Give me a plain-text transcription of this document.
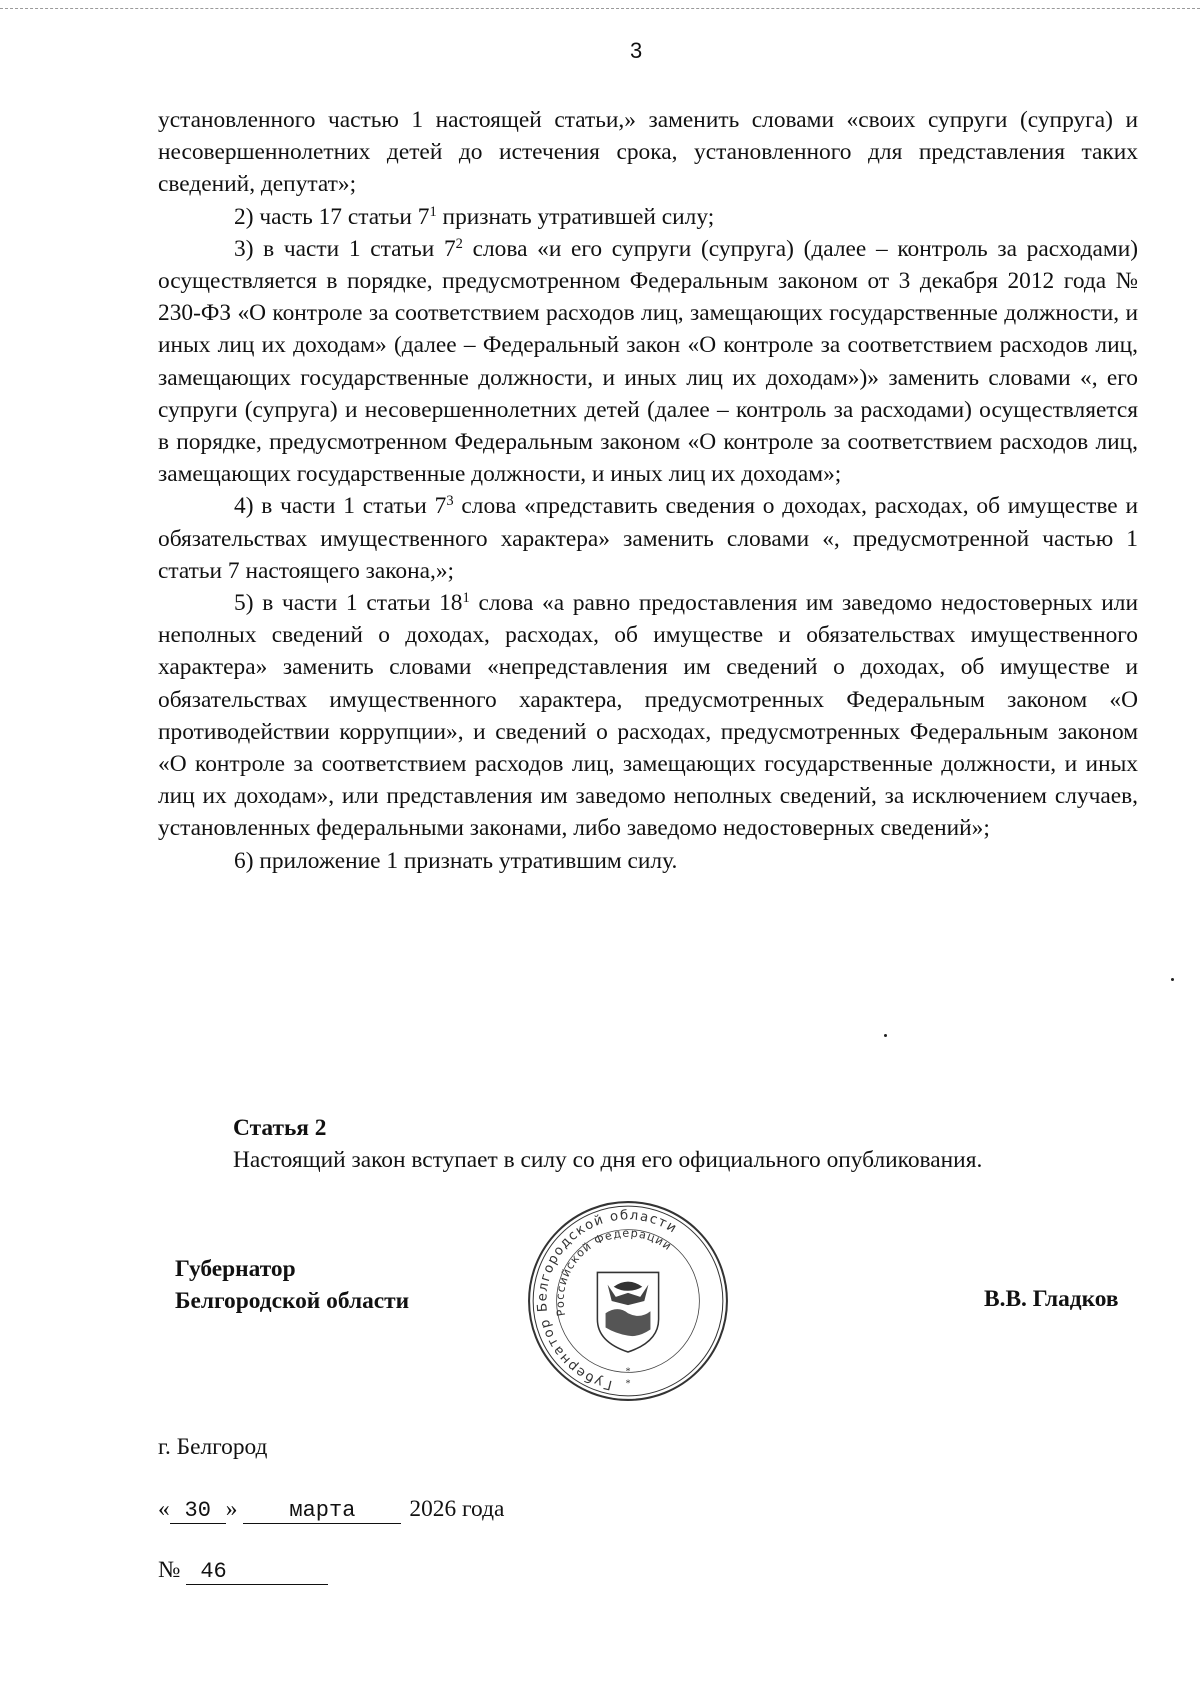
3

установленного частью 1 настоящей статьи,» заменить словами «своих супруги (супруга) и несовершеннолетних детей до истечения срока, установленного для представления таких сведений, депутат»;

2) часть 17 статьи $7^1$ признать утратившей силу;

3) в части 1 статьи $7^2$ слова «и его супруги (супруга) (далее – контроль за расходами) осуществляется в порядке, предусмотренном Федеральным законом от 3 декабря 2012 года № 230-ФЗ «О контроле за соответствием расходов лиц, замещающих государственные должности, и иных лиц их доходам» (далее – Федеральный закон «О контроле за соответствием расходов лиц, замещающих государственные должности, и иных лиц их доходам»)» заменить словами «, его супруги (супруга) и несовершеннолетних детей (далее – контроль за расходами) осуществляется в порядке, предусмотренном Федеральным законом «О контроле за соответствием расходов лиц, замещающих государственные должности, и иных лиц их доходам»;

4) в части 1 статьи $7^3$ слова «представить сведения о доходах, расходах, об имуществе и обязательствах имущественного характера» заменить словами «, предусмотренной частью 1 статьи 7 настоящего закона,»;

5) в части 1 статьи $18^1$ слова «а равно предоставления им заведомо недостоверных или неполных сведений о доходах, расходах, об имуществе и обязательствах имущественного характера» заменить словами «непредставления им сведений о доходах, об имуществе и обязательствах имущественного характера, предусмотренных Федеральным законом «О противодействии коррупции», и сведений о расходах, предусмотренных Федеральным законом «О контроле за соответствием расходов лиц, замещающих государственные должности, и иных лиц их доходам», или представления им заведомо неполных сведений, за исключением случаев, установленных федеральными законами, либо заведомо недостоверных сведений»;

6) приложение 1 признать утратившим силу.

Статья 2
Настоящий закон вступает в силу со дня его официального опубликования.
Губернатор
Белгородской области
Губернатор Белгородской области
Российской Федерации
*
*
В.В. Гладков
г. Белгород
« 30 » марта 2026 года
№ 46
